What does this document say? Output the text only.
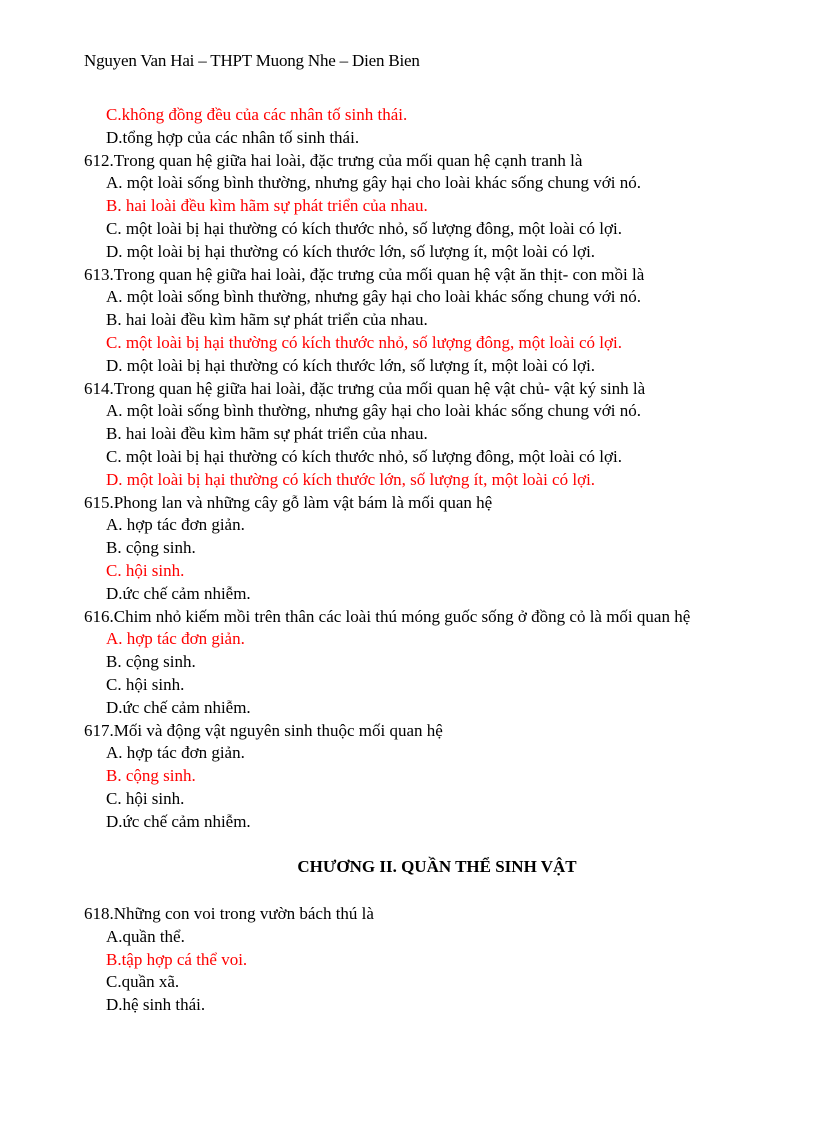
Nguyen Van Hai – THPT Muong Nhe – Dien Bien
C.không đồng đều của các nhân tố sinh thái.
D.tổng hợp của các nhân tố sinh thái.
612.Trong quan hệ giữa hai loài, đặc trưng của mối quan hệ cạnh tranh là
A. một loài sống bình thường, nhưng gây hại cho loài khác sống chung với nó.
B. hai loài đều kìm hãm sự phát triển của nhau.
C. một loài bị hại thường có kích thước nhỏ, số lượng đông, một loài có lợi.
D. một loài bị hại thường có kích thước lớn, số lượng ít, một loài có lợi.
613.Trong quan hệ giữa hai loài, đặc trưng của mối quan hệ vật ăn thịt- con mồi là
A. một loài sống bình thường, nhưng gây hại cho loài khác sống chung với nó.
B. hai loài đều kìm hãm sự phát triển của nhau.
C. một loài bị hại thường có kích thước nhỏ, số lượng đông, một loài có lợi.
D. một loài bị hại thường có kích thước lớn, số lượng ít, một loài có lợi.
614.Trong quan hệ giữa hai loài, đặc trưng của mối quan hệ vật chủ- vật ký sinh là
A. một loài sống bình thường, nhưng gây hại cho loài khác sống chung với nó.
B. hai loài đều kìm hãm sự phát triển của nhau.
C. một loài bị hại thường có kích thước nhỏ, số lượng đông, một loài có lợi.
D. một loài bị hại thường có kích thước lớn, số lượng ít, một loài có lợi.
615.Phong lan và những cây gỗ làm vật bám là mối quan hệ
A. hợp tác đơn giản.
B. cộng sinh.
C. hội sinh.
D.ức chế cảm nhiễm.
616.Chim nhỏ kiếm mồi trên thân các loài thú móng guốc sống ở đồng cỏ là mối quan hệ
A. hợp tác đơn giản.
B. cộng sinh.
C. hội sinh.
D.ức chế cảm nhiễm.
617.Mối và động vật nguyên sinh thuộc mối quan hệ
A. hợp tác đơn giản.
B. cộng sinh.
C. hội sinh.
D.ức chế cảm nhiễm.
CHƯƠNG II. QUẦN THỂ SINH VẬT
618.Những con voi trong vườn bách thú là
A.quần thể.
B.tập hợp cá thể voi.
C.quần xã.
D.hệ sinh thái.
